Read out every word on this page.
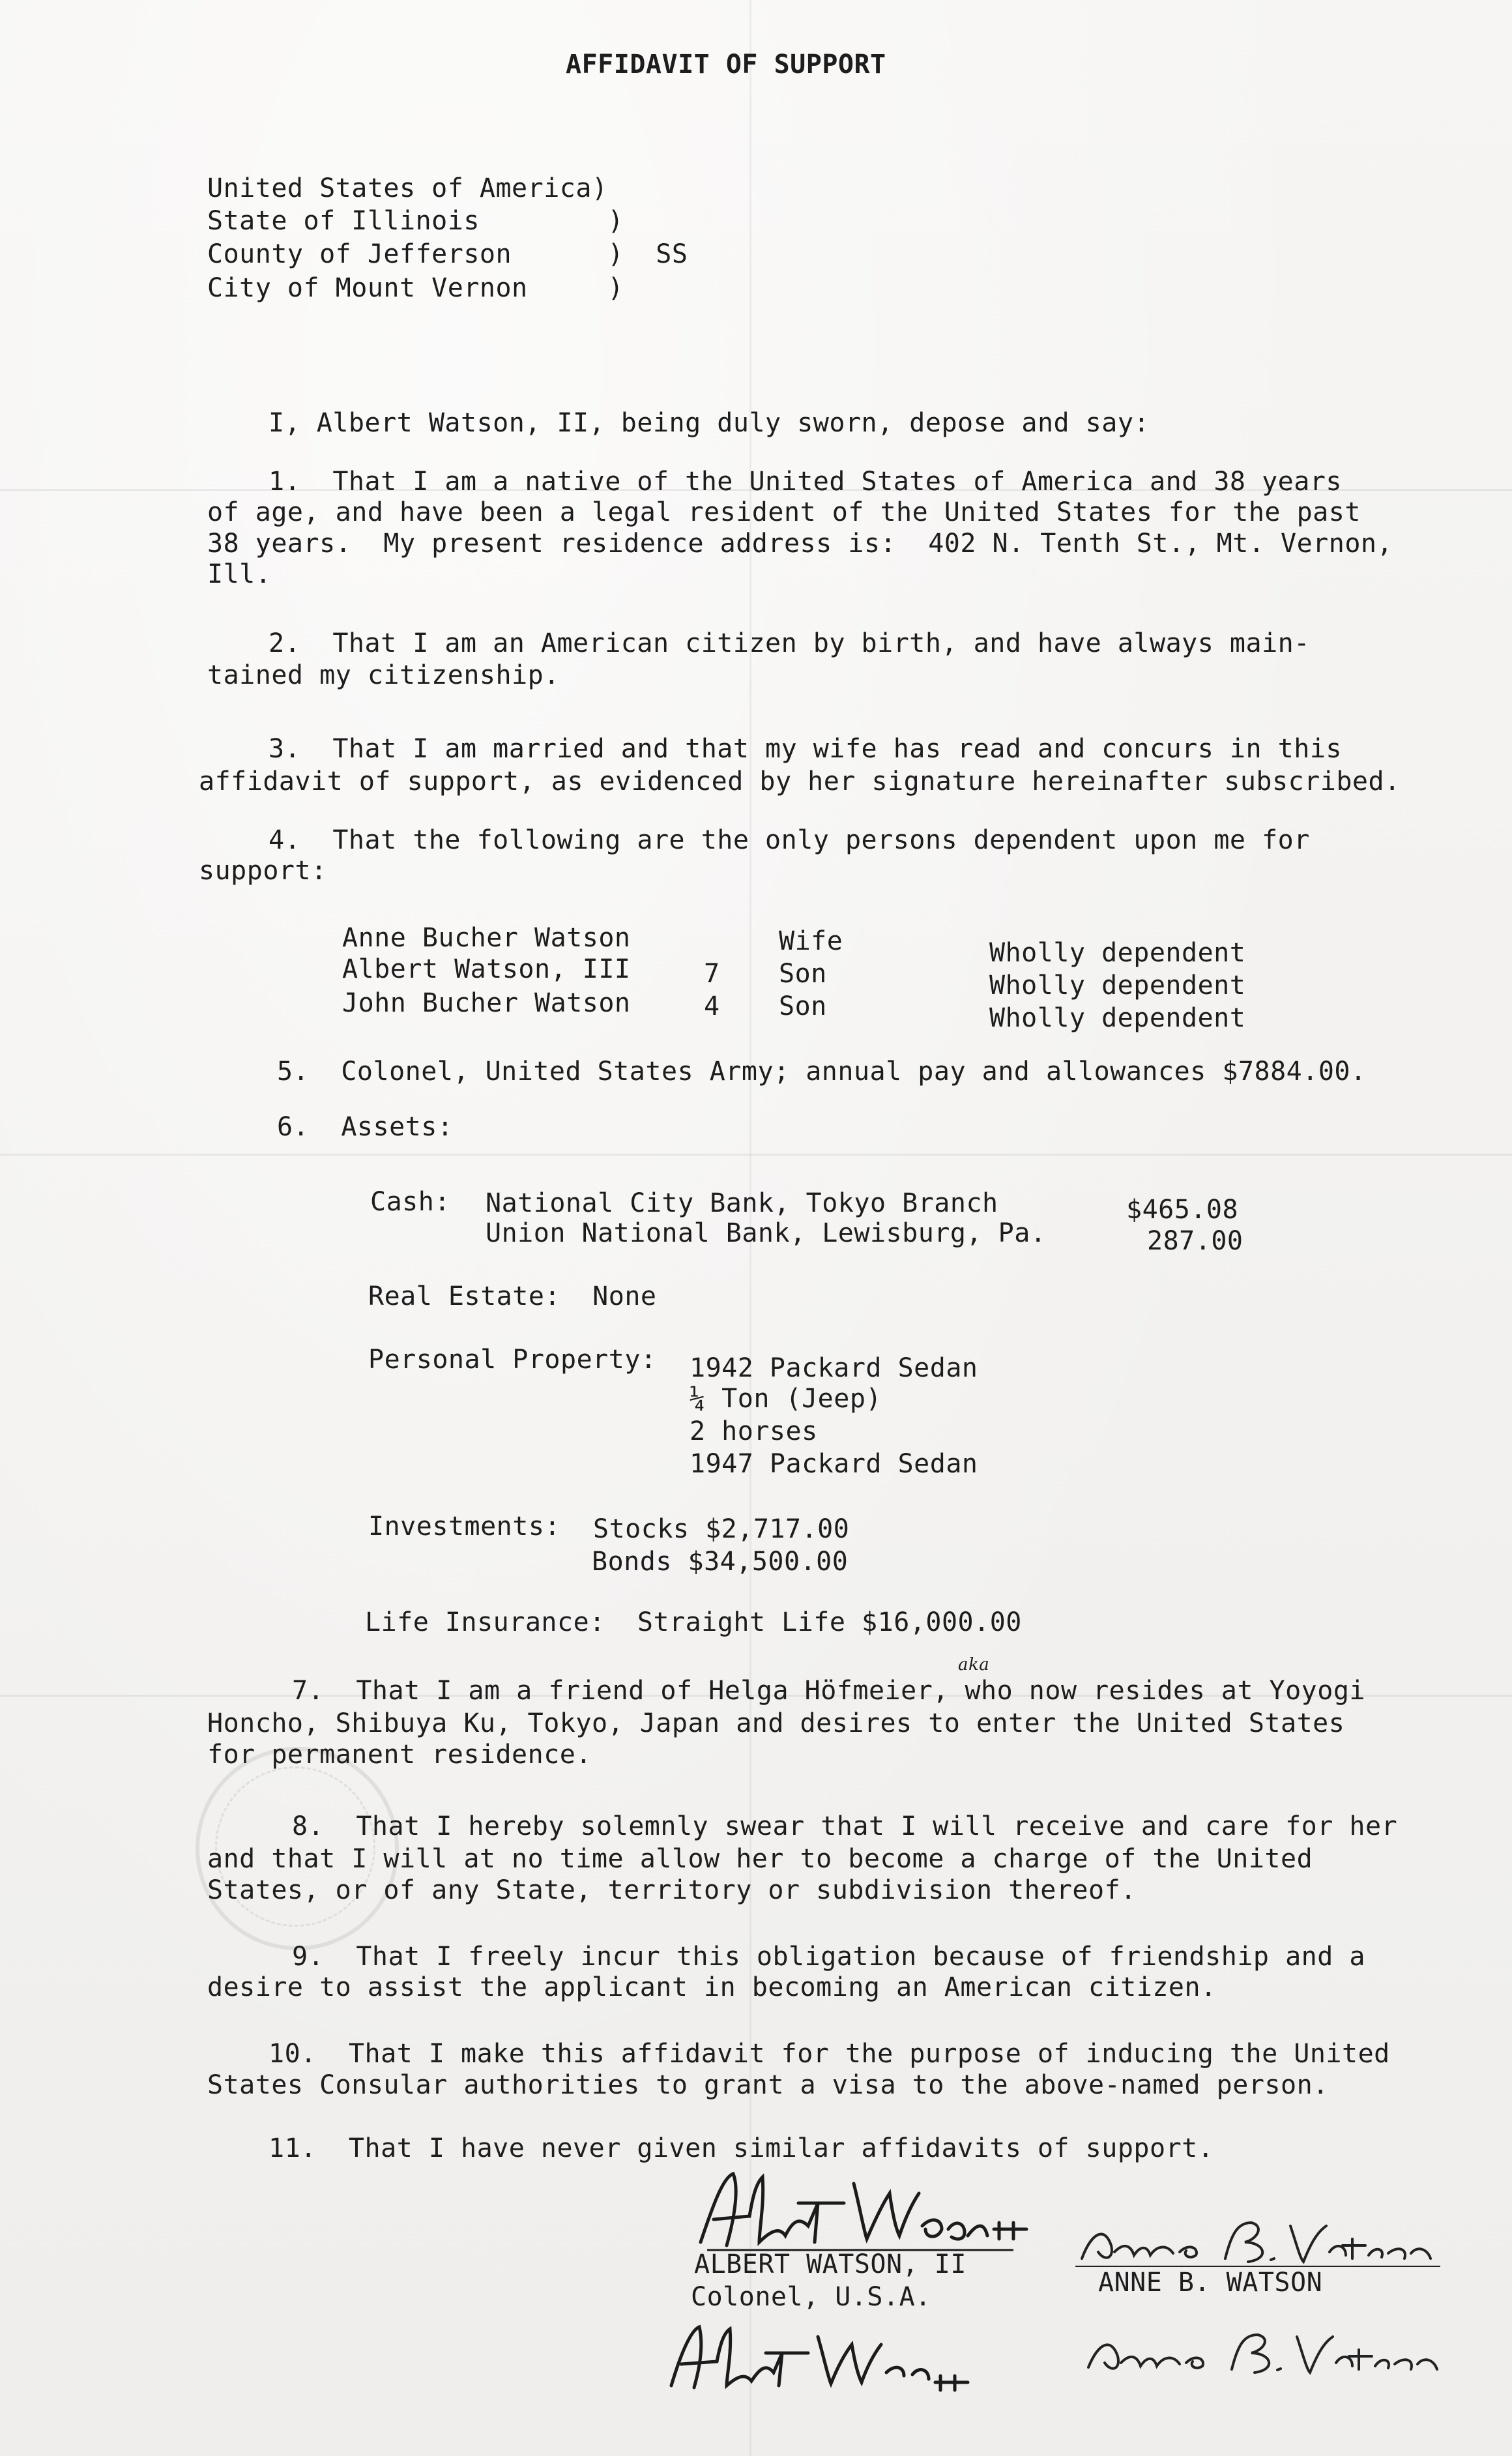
AFFIDAVIT OF SUPPORT
United States of America)
State of Illinois        )
County of Jefferson      )  SS
City of Mount Vernon     )
I, Albert Watson, II, being duly sworn, depose and say:
1.  That I am a native of the United States of America and 38 years
of age, and have been a legal resident of the United States for the past
38 years.  My present residence address is:  402 N. Tenth St., Mt. Vernon,
Ill.
2.  That I am an American citizen by birth, and have always main-
tained my citizenship.
3.  That I am married and that my wife has read and concurs in this
affidavit of support, as evidenced by her signature hereinafter subscribed.
4.  That the following are the only persons dependent upon me for
support:
Anne Bucher Watson	Wife	Wholly dependent
Albert Watson, III	7 Son	Wholly dependent
John Bucher Watson	4 Son	Wholly dependent
5.  Colonel, United States Army; annual pay and allowances $7884.00.
6.  Assets:
Cash: National City Bank, Tokyo Branch	$465.08
Union National Bank, Lewisburg, Pa.	287.00
Real Estate:  None
Personal Property: 1942 Packard Sedan
¼ Ton (Jeep)
2 horses
1947 Packard Sedan
Investments: Stocks $2,717.00
Bonds $34,500.00
Life Insurance:  Straight Life $16,000.00
7.  That I am a friend of Helga Höfmeier, who now resides at Yoyogi
aka
Honcho, Shibuya Ku, Tokyo, Japan and desires to enter the United States
for permanent residence.
8.  That I hereby solemnly swear that I will receive and care for her
and that I will at no time allow her to become a charge of the United
States, or of any State, territory or subdivision thereof.
9.  That I freely incur this obligation because of friendship and a
desire to assist the applicant in becoming an American citizen.
10.  That I make this affidavit for the purpose of inducing the United
States Consular authorities to grant a visa to the above-named person.
11.  That I have never given similar affidavits of support.
ALBERT WATSON, II
Colonel, U.S.A.	ANNE B. WATSON
